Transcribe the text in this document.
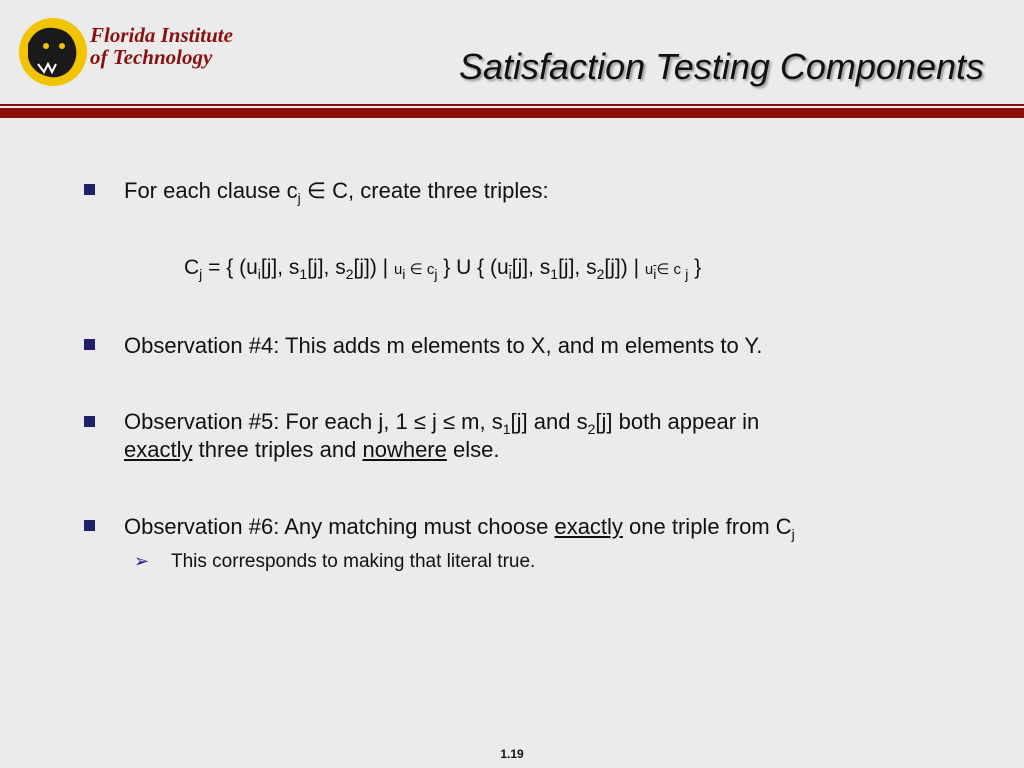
Florida Institute
of Technology	Satisfaction Testing Components
For each clause $c_j$ ∈ C, create three triples:
$C_j$ = { ($u_i[j]$, $s_1[j]$, $s_2[j]$) | $u_i$ ∈ $c_j$ } U { ($u_{\overline{i}}[j]$, $s_1[j]$, $s_2[j]$) | $u_{\overline{i}}\in$ c $_j$ }
Observation #4: This adds m elements to X, and m elements to Y.
Observation #5: For each j, 1 ≤ j ≤ m, $s_1[j]$ and $s_2[j]$ both appear in
exactly three triples and nowhere else.
Observation #6: Any matching must choose exactly one triple from $C_j$
➢ This corresponds to making that literal true.
1.19
